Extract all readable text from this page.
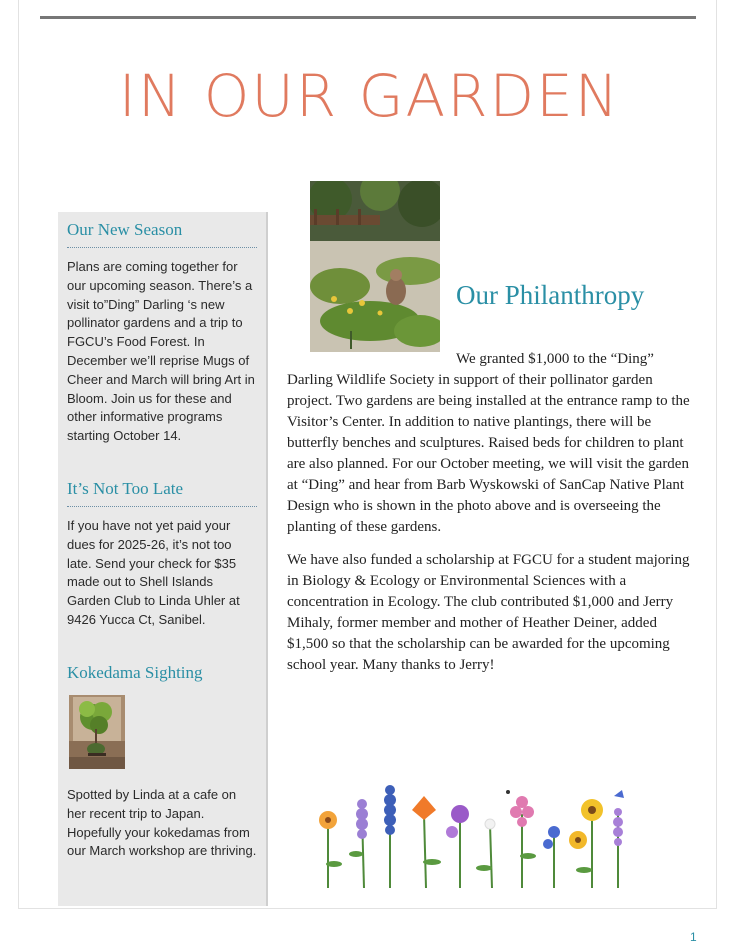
IN OUR GARDEN
Our New Season
Plans are coming together for our upcoming season. There’s a visit to”Ding” Darling ‘s new pollinator gardens and a trip to FGCU’s Food Forest. In December we’ll reprise Mugs of Cheer and March will bring Art in Bloom. Join us for these and other informative programs starting October 14.
It’s Not Too Late
If you have not yet paid your dues for 2025-26, it’s not too late. Send your check for $35 made out to Shell Islands Garden Club to Linda Uhler at 9426 Yucca Ct, Sanibel.
Kokedama Sighting
Spotted by Linda at a cafe on her recent trip to Japan. Hopefully your kokedamas from our March workshop are thriving.
Our Philanthropy
We granted $1,000 to the “Ding”
Darling Wildlife Society in support of their pollinator garden project. Two gardens are being installed at the entrance ramp to the Visitor’s Center. In addition to native plantings, there will be butterfly benches and sculptures. Raised beds for children to plant are also planned. For our October meeting, we will visit the garden at “Ding” and hear from Barb Wyskowski of SanCap Native Plant Design who is shown in the photo above and is overseeing the planting of these gardens.
We have also funded a scholarship at FGCU for a student majoring in Biology & Ecology or Environmental Sciences with a concentration in Ecology. The club contributed $1,000 and Jerry Mihaly, former member and mother of Heather Deiner, added $1,500 so that the scholarship can be awarded for the upcoming school year. Many thanks to Jerry!
1
